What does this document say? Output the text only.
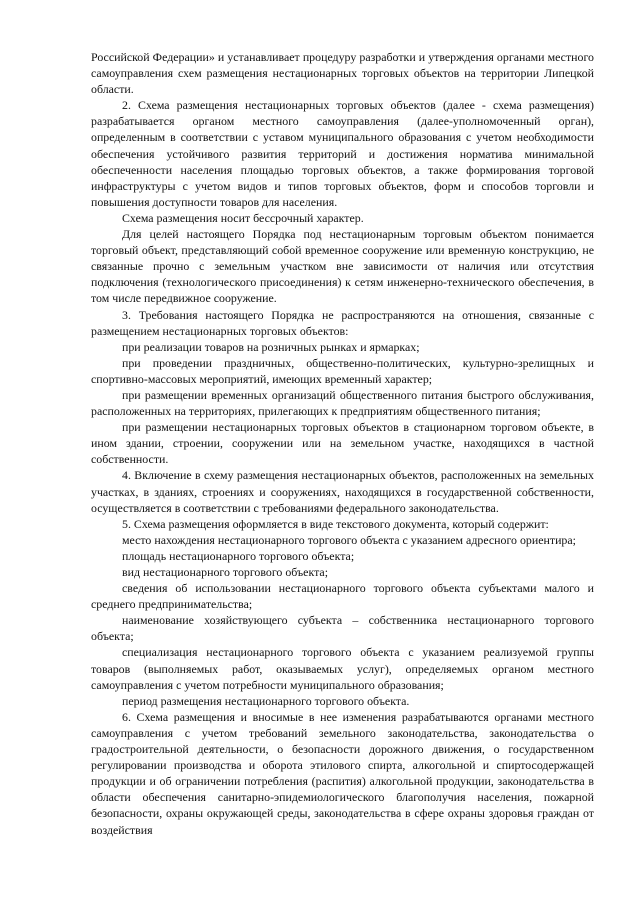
Российской Федерации» и устанавливает процедуру разработки и утверждения органами местного самоуправления схем размещения нестационарных торговых объектов на территории Липецкой области.

2. Схема размещения нестационарных торговых объектов (далее - схема размещения) разрабатывается органом местного самоуправления (далее-уполномоченный орган), определенным в соответствии с уставом муниципального образования с учетом необходимости обеспечения устойчивого развития территорий и достижения норматива минимальной обеспеченности населения площадью торговых объектов, а также формирования торговой инфраструктуры с учетом видов и типов торговых объектов, форм и способов торговли и повышения доступности товаров для населения.

Схема размещения носит бессрочный характер.

Для целей настоящего Порядка под нестационарным торговым объектом понимается торговый объект, представляющий собой временное сооружение или временную конструкцию, не связанные прочно с земельным участком вне зависимости от наличия или отсутствия подключения (технологического присоединения) к сетям инженерно-технического обеспечения, в том числе передвижное сооружение.

3. Требования настоящего Порядка не распространяются на отношения, связанные с размещением нестационарных торговых объектов:

при реализации товаров на розничных рынках и ярмарках;

при проведении праздничных, общественно-политических, культурно-зрелищных и спортивно-массовых мероприятий, имеющих временный характер;

при размещении временных организаций общественного питания быстрого обслуживания, расположенных на территориях, прилегающих к предприятиям общественного питания;

при размещении нестационарных торговых объектов в стационарном торговом объекте, в ином здании, строении, сооружении или на земельном участке, находящихся в частной собственности.

4. Включение в схему размещения нестационарных объектов, расположенных на земельных участках, в зданиях, строениях и сооружениях, находящихся в государственной собственности, осуществляется в соответствии с требованиями федерального законодательства.

5. Схема размещения оформляется в виде текстового документа, который содержит:

место нахождения нестационарного торгового объекта с указанием адресного ориентира;

площадь нестационарного торгового объекта;

вид нестационарного торгового объекта;

сведения об использовании нестационарного торгового объекта субъектами малого и среднего предпринимательства;

наименование хозяйствующего субъекта – собственника нестационарного торгового объекта;

специализация нестационарного торгового объекта с указанием реализуемой группы товаров (выполняемых работ, оказываемых услуг), определяемых органом местного самоуправления с учетом потребности муниципального образования;

период размещения нестационарного торгового объекта.

6. Схема размещения и вносимые в нее изменения разрабатываются органами местного самоуправления с учетом требований земельного законодательства, законодательства о градостроительной деятельности, о безопасности дорожного движения, о государственном регулировании производства и оборота этилового спирта, алкогольной и спиртосодержащей продукции и об ограничении потребления (распития) алкогольной продукции, законодательства в области обеспечения санитарно-эпидемиологического благополучия населения, пожарной безопасности, охраны окружающей среды, законодательства в сфере охраны здоровья граждан от воздействия
